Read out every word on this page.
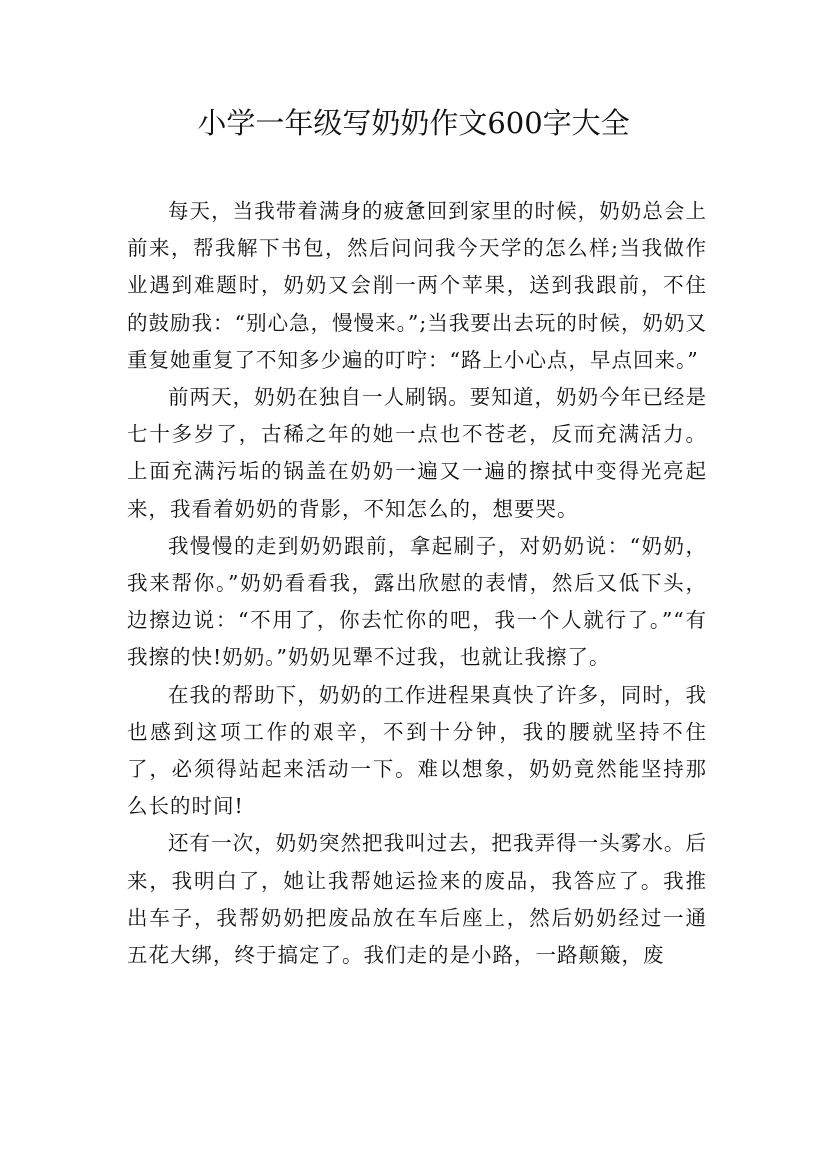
小学一年级写奶奶作文600字大全

每天，当我带着满身的疲惫回到家里的时候，奶奶总会上前来，帮我解下书包，然后问问我今天学的怎么样;当我做作业遇到难题时，奶奶又会削一两个苹果，送到我跟前，不住的鼓励我：“别心急，慢慢来。”;当我要出去玩的时候，奶奶又重复她重复了不知多少遍的叮咛：“路上小心点，早点回来。”

前两天，奶奶在独自一人刷锅。要知道，奶奶今年已经是七十多岁了，古稀之年的她一点也不苍老，反而充满活力。上面充满污垢的锅盖在奶奶一遍又一遍的擦拭中变得光亮起来，我看着奶奶的背影，不知怎么的，想要哭。

我慢慢的走到奶奶跟前，拿起刷子，对奶奶说：“奶奶，我来帮你。”奶奶看看我，露出欣慰的表情，然后又低下头，边擦边说：“不用了，你去忙你的吧，我一个人就行了。”“有我擦的快!奶奶。”奶奶见犟不过我，也就让我擦了。

在我的帮助下，奶奶的工作进程果真快了许多，同时，我也感到这项工作的艰辛，不到十分钟，我的腰就坚持不住了，必须得站起来活动一下。难以想象，奶奶竟然能坚持那么长的时间!

还有一次，奶奶突然把我叫过去，把我弄得一头雾水。后来，我明白了，她让我帮她运捡来的废品，我答应了。我推出车子，我帮奶奶把废品放在车后座上，然后奶奶经过一通五花大绑，终于搞定了。我们走的是小路，一路颠簸，废
